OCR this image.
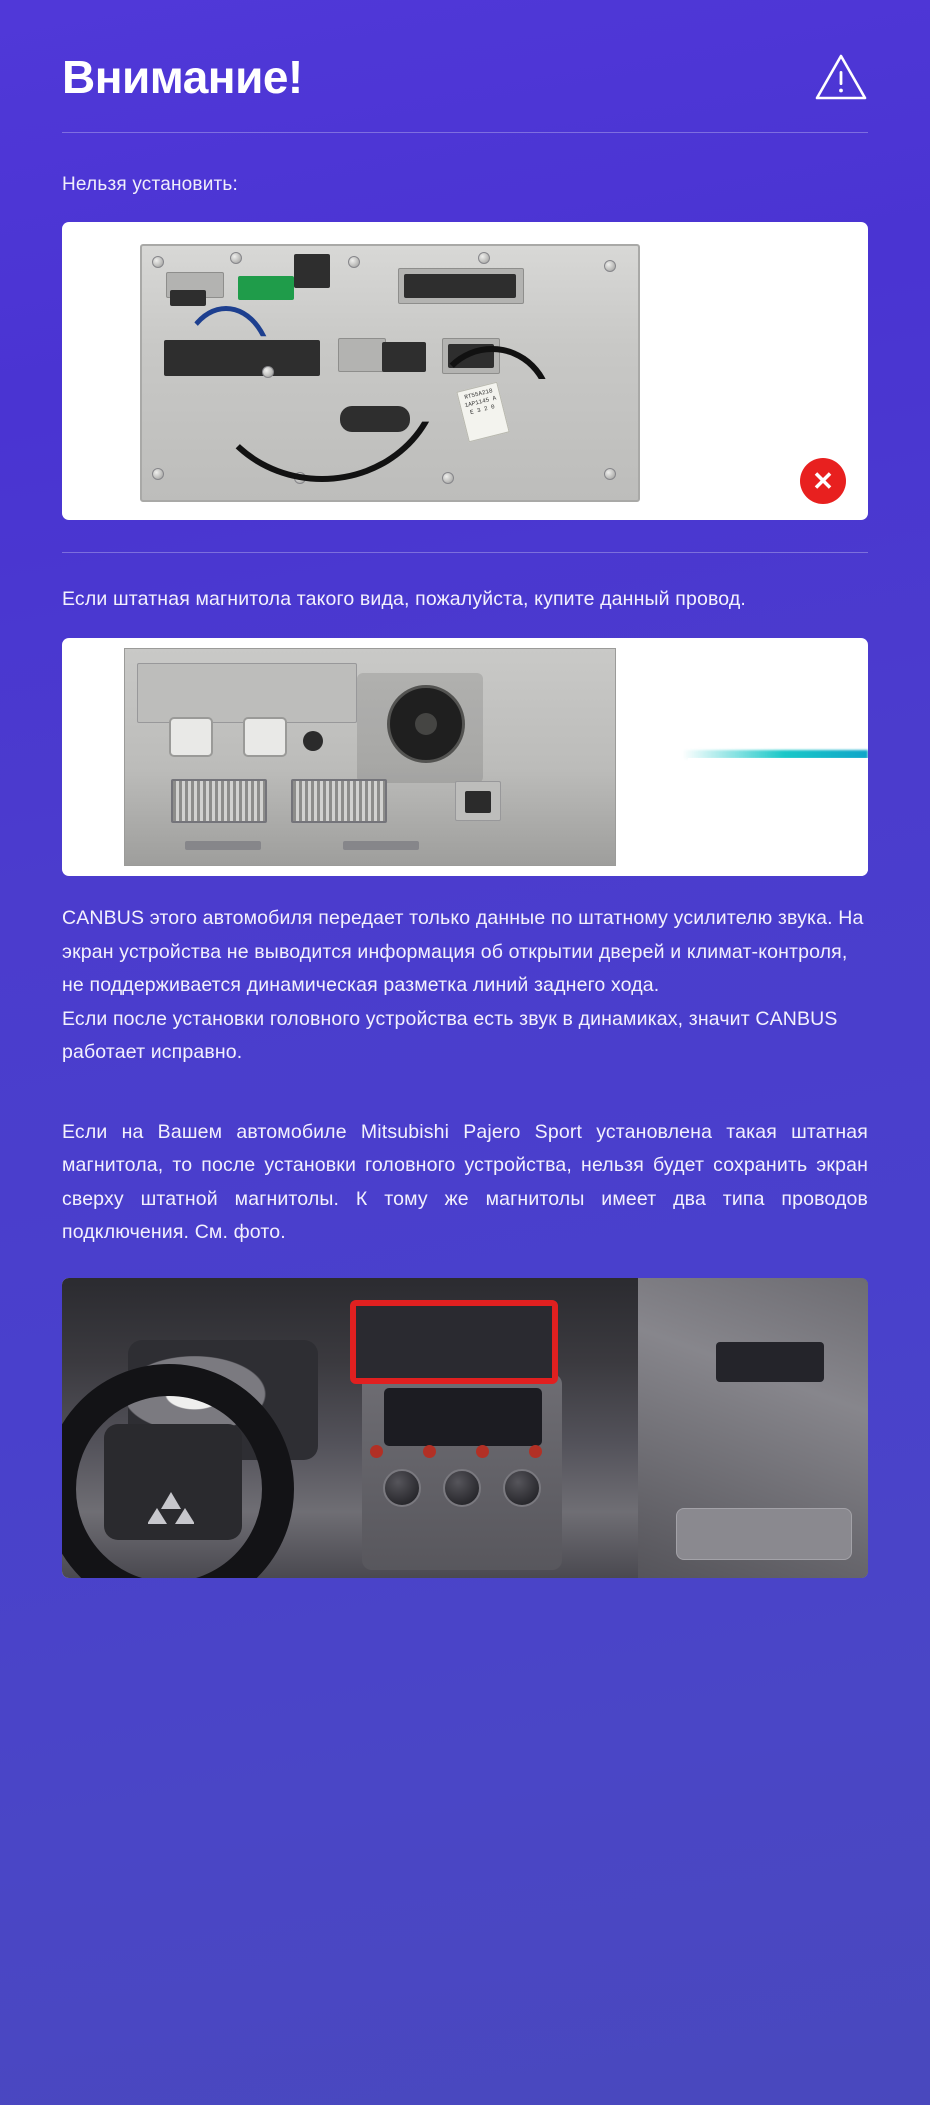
Внимание!
Нельзя установить:
RT55A218 1AP1145 A E 3 2 0
✕
Если штатная магнитола такого вида, пожалуйста, купите данный провод.
CANBUS этого автомобиля передает только данные по штатному усилителю звука. На экран устройства не выводится информация об открытии дверей и климат-контроля, не поддерживается динамическая разметка линий заднего хода.
Если после установки головного устройства есть звук в динамиках, значит CANBUS работает исправно.
Если на Вашем автомобиле Mitsubishi Pajero Sport установлена такая штатная магнитола, то после установки головного устройства, нельзя будет сохранить экран сверху штатной магнитолы. К тому же магнитолы имеет два типа проводов подключения. См. фото.
